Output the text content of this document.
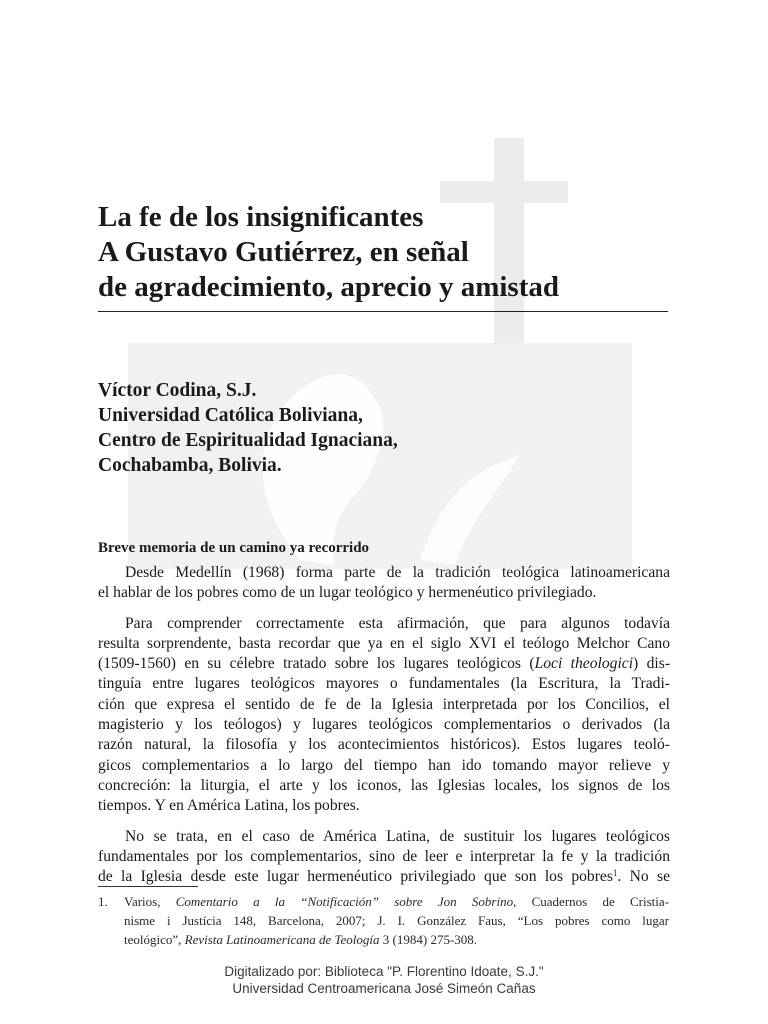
La fe de los insignificantes
A Gustavo Gutiérrez, en señal
de agradecimiento, aprecio y amistad
Víctor Codina, S.J.
Universidad Católica Boliviana,
Centro de Espiritualidad Ignaciana,
Cochabamba, Bolivia.
Breve memoria de un camino ya recorrido
Desde Medellín (1968) forma parte de la tradición teológica latinoamericana
el hablar de los pobres como de un lugar teológico y hermenéutico privilegiado.
Para comprender correctamente esta afirmación, que para algunos todavía
resulta sorprendente, basta recordar que ya en el siglo XVI el teólogo Melchor Cano
(1509-1560) en su célebre tratado sobre los lugares teológicos (Loci theologici) dis-
tinguía entre lugares teológicos mayores o fundamentales (la Escritura, la Tradi-
ción que expresa el sentido de fe de la Iglesia interpretada por los Concilios, el
magisterio y los teólogos) y lugares teológicos complementarios o derivados (la
razón natural, la filosofía y los acontecimientos históricos). Estos lugares teoló-
gicos complementarios a lo largo del tiempo han ido tomando mayor relieve y
concreción: la liturgia, el arte y los iconos, las Iglesias locales, los signos de los
tiempos. Y en América Latina, los pobres.
No se trata, en el caso de América Latina, de sustituir los lugares teológicos
fundamentales por los complementarios, sino de leer e interpretar la fe y la tradición
de la Iglesia desde este lugar hermenéutico privilegiado que son los pobres$^1$. No se
1. Varios, Comentario a la “Notificación” sobre Jon Sobrino, Cuadernos de Cristia-
nisme i Justícia 148, Barcelona, 2007; J. I. González Faus, “Los pobres como lugar
teológico”, Revista Latinoamericana de Teología 3 (1984) 275-308.
Digitalizado por: Biblioteca "P. Florentino Idoate, S.J."
Universidad Centroamericana José Simeón Cañas
